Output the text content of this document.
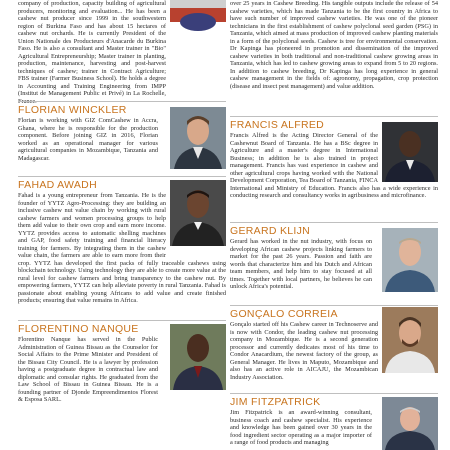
company of production, capacity building of agricultural producers, monitoring and evaluation... He has been a cashew nut producer since 1999 in the southwestern region of Burkina Faso and has about 15 hectares of cashew nut orchards. He is currently President of the Union Nationale des Producteurs d'Anacarde du Burkina Faso. He is also a consultant and Master trainer in "Bio" Agricultural Entrepreneurship; Master trainer in planting, production, maintenance, harvesting and post-harvest techniques of cashew; trainer in Contract Agriculture; FBS trainer (Farmer Business School). He holds a degree in Accounting and Training Engineering from IMPP (Institut de Management Public et Privé) in La Rochelle, France.

FLORIAN WINCKLER

Florian is working with GIZ ComCashew in Accra, Ghana, where he is responsible for the production component. Before joining GIZ in 2016, Florian worked as an operational manager for various agricultural companies in Mozambique, Tanzania and Madagascar.

FAHAD AWADH

Fahad is a young entrepreneur from Tanzania. He is the founder of YYTZ Agro-Processing: they are building an inclusive cashew nut value chain by working with rural cashew farmers and women processing groups to help them add value to their own crop and earn more income. YYTZ provides access to automatic shelling machines and GAP, food safety training and financial literacy training for farmers. By integrating them in the cashew value chain, the farmers are able to earn more from their crop. YYTZ has developed the first packs of fully traceable cashews using blockchain technology. Using technology they are able to create more value at the rural level for cashew farmers and bring transparency to the cashew nut. By empowering farmers, YYTZ can help alleviate poverty in rural Tanzania. Fahad is passionate about enabling young Africans to add value and create finished products; ensuring that value remains in Africa.

FLORENTINO NANQUE

Florentino Nanque has served in the Public Administration of Guinea Bissau as the Counselor for Social Affairs to the Prime Minister and President of the Bissau City Council. He is a lawyer by profession having a postgraduate degree in contractual law and diplomatic and consular rights. He graduated from the Law School of Bissau in Guinea Bissau. He is a founding partner of Djonde Empreendimentos Florest & Esposa SARL.

over 25 years in Cashew Breeding. His tangible outputs include the release of 54 cashew varieties, which has made Tanzania to be the first country in Africa to have such number of improved cashew varieties. He was one of the pioneer technicians in the first establishment of cashew polyclonal seed garden (PSG) in Tanzania, which aimed at mass production of improved cashew planting materials in a form of the polyclonal seeds. Cashew is tree for environmental conservation. Dr Kapinga has pioneered in promotion and dissemination of the improved cashew varieties in both traditional and non-traditional cashew growing areas in Tanzania, which has led to cashew growing areas to expand from 5 to 20 regions. In addition to cashew breeding, Dr Kapinga has long experience in general cashew management in the fields of: agronomy, propagation, crop protection (disease and insect pest management) and value addition.

FRANCIS ALFRED

Francis Alfred is the Acting Director General of the Cashewnut Board of Tanzania. He has a BSc degree in Agriculture and a master's degree in International Business; in addition he is also trained in project management. Francis has vast experience in cashew and other agricultural crops having worked with the National Development Corporation, Tea Board of Tanzania, FINCA International and Ministry of Education. Francis also has a wide experience in conducting research and consultancy works in agribusiness and microfinance.

GERARD KLIJN

Gerard has worked in the nut industry, with focus on developing African cashew projects linking farmers to market for the past 26 years. Passion and faith are words that characterize him and his Dutch and African team members, and help him to stay focused at all times. Together with local partners, he believes he can unlock Africa's potential.

GONÇALO CORREIA

Gonçalo started off his Cashew career in Technoserve and is now with Condor, the leading cashew nut processing company in Mozambique. He is a second generation processor and currently dedicates most of his time to Condor Anacardium, the newest factory of the group, as General Manager. He lives in Maputo, Mozambique and also has an active role in AICAJU, the Mozambican Industry Association.

JIM FITZPATRICK

Jim Fitzpatrick is an award-winning consultant, business coach and cashew specialist. His experience and knowledge has been gained over 30 years in the food ingredient sector operating as a major importer of a range of food products and managing
